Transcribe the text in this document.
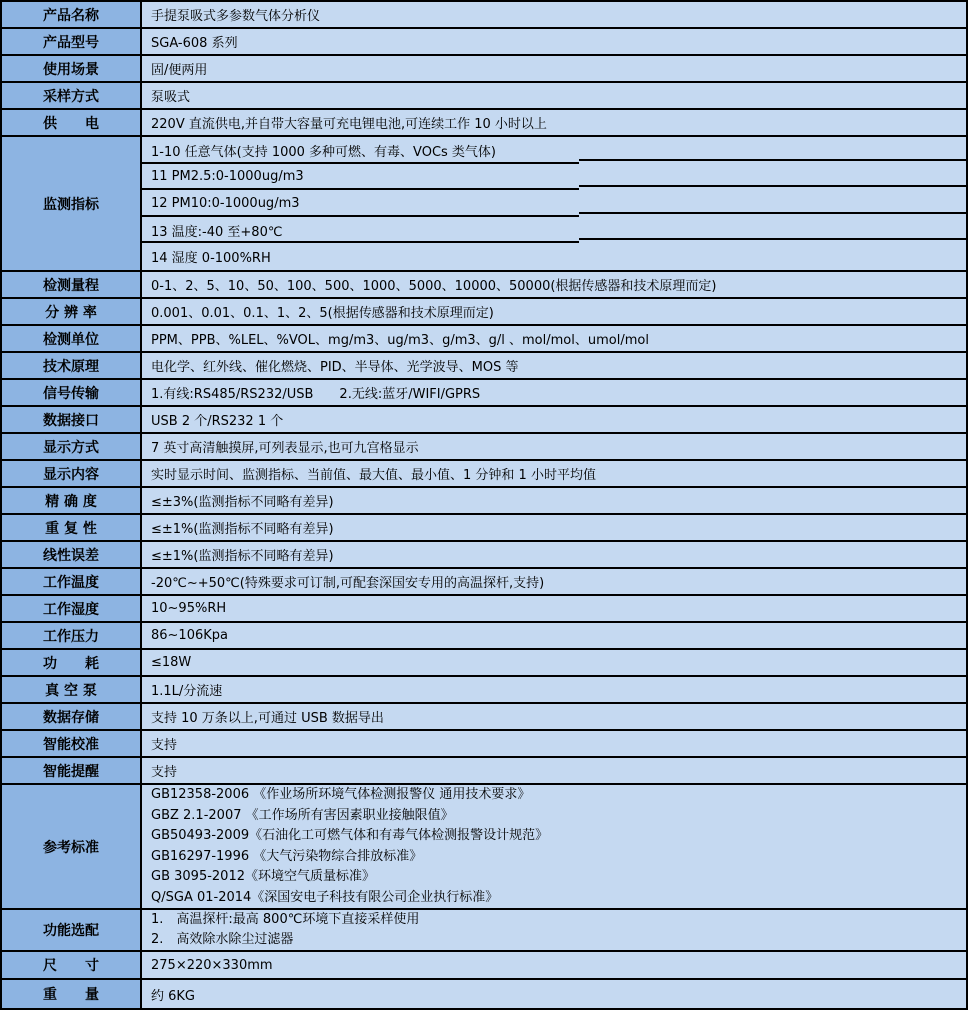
产品名称	手提泵吸式多参数气体分析仪
产品型号	SGA-608 系列
使用场景	固/便两用
采样方式	泵吸式
供　　电	220V 直流供电,并自带大容量可充电锂电池,可连续工作 10 小时以上
监测指标
1-10 任意气体(支持 1000 多种可燃、有毒、VOCs 类气体)
11 PM2.5:0-1000ug/m3
12 PM10:0-1000ug/m3
13 温度:-40 至+80℃
14 湿度 0-100%RH
检测量程	0-1、2、5、10、50、100、500、1000、5000、10000、50000(根据传感器和技术原理而定)
分 辨 率	0.001、0.01、0.1、1、2、5(根据传感器和技术原理而定)
检测单位	PPM、PPB、%LEL、%VOL、mg/m3、ug/m3、g/m3、g/l 、mol/mol、umol/mol
技术原理	电化学、红外线、催化燃烧、PID、半导体、光学波导、MOS 等
信号传输	1.有线:RS485/RS232/USB　　2.无线:蓝牙/WIFI/GPRS
数据接口	USB 2 个/RS232 1 个
显示方式	7 英寸高清触摸屏,可列表显示,也可九宫格显示
显示内容	实时显示时间、监测指标、当前值、最大值、最小值、1 分钟和 1 小时平均值
精 确 度	≤±3%(监测指标不同略有差异)
重 复 性	≤±1%(监测指标不同略有差异)
线性误差	≤±1%(监测指标不同略有差异)
工作温度	-20℃~+50℃(特殊要求可订制,可配套深国安专用的高温探杆,支持)
工作湿度	10~95%RH
工作压力	86~106Kpa
功　　耗	≤18W
真 空 泵	1.1L/分流速
数据存储	支持 10 万条以上,可通过 USB 数据导出
智能校准	支持
智能提醒	支持
参考标准
GB12358-2006 《作业场所环境气体检测报警仪 通用技术要求》
GBZ 2.1-2007 《工作场所有害因素职业接触限值》
GB50493-2009《石油化工可燃气体和有毒气体检测报警设计规范》
GB16297-1996 《大气污染物综合排放标准》
GB 3095-2012《环境空气质量标准》
Q/SGA 01-2014《深国安电子科技有限公司企业执行标准》
功能选配
1.　高温探杆:最高 800℃环境下直接采样使用
2.　高效除水除尘过滤器
尺　　寸	275×220×330mm
重　　量	约 6KG
